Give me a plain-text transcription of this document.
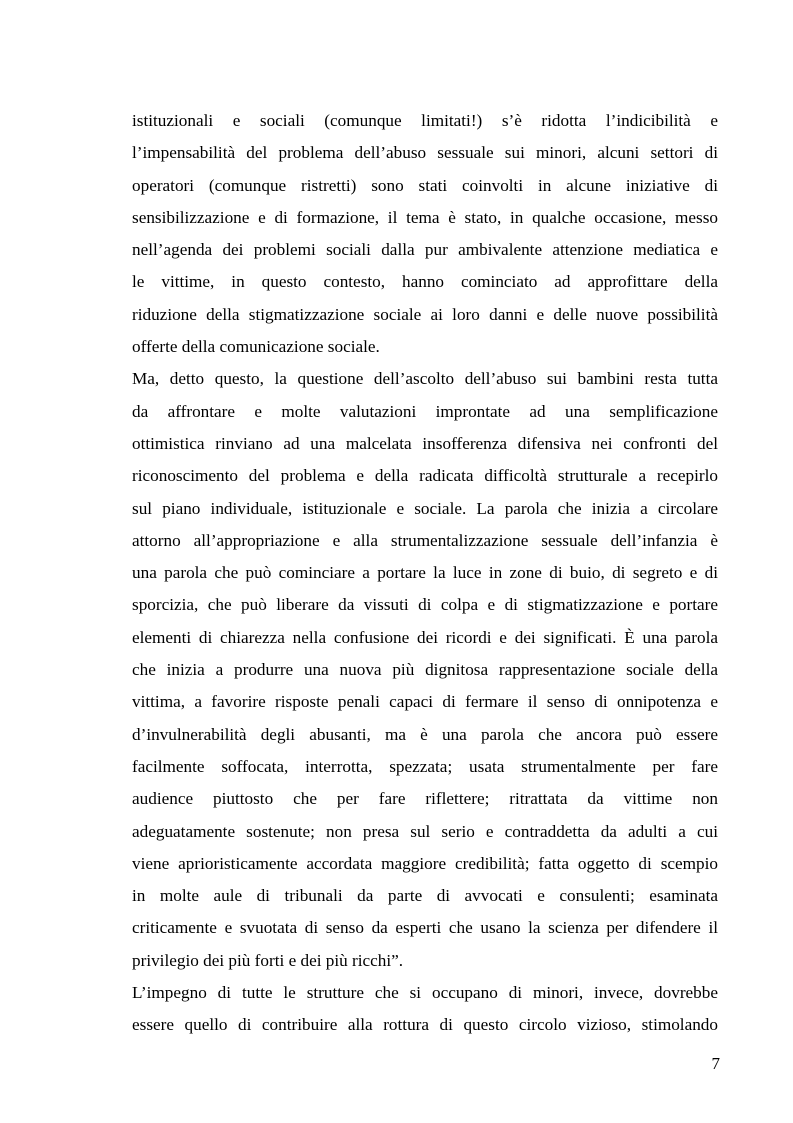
istituzionali e sociali (comunque limitati!) s’è ridotta l’indicibilità e
l’impensabilità del problema dell’abuso sessuale sui minori, alcuni settori di
operatori (comunque ristretti) sono stati coinvolti in alcune iniziative di
sensibilizzazione e di formazione, il tema è stato, in qualche occasione, messo
nell’agenda dei problemi sociali dalla pur ambivalente attenzione mediatica e
le vittime, in questo contesto, hanno cominciato ad approfittare della
riduzione della stigmatizzazione sociale ai loro danni e delle nuove possibilità
offerte della comunicazione sociale.

Ma, detto questo, la questione dell’ascolto dell’abuso sui bambini resta tutta
da affrontare e molte valutazioni improntate ad una semplificazione
ottimistica rinviano ad una malcelata insofferenza difensiva nei confronti del
riconoscimento del problema e della radicata difficoltà strutturale a recepirlo
sul piano individuale, istituzionale e sociale. La parola che inizia a circolare
attorno all’appropriazione e alla strumentalizzazione sessuale dell’infanzia è
una parola che può cominciare a portare la luce in zone di buio, di segreto e di
sporcizia, che può liberare da vissuti di colpa e di stigmatizzazione e portare
elementi di chiarezza nella confusione dei ricordi e dei significati. È una parola
che inizia a produrre una nuova più dignitosa rappresentazione sociale della
vittima, a favorire risposte penali capaci di fermare il senso di onnipotenza e
d’invulnerabilità degli abusanti, ma è una parola che ancora può essere
facilmente soffocata, interrotta, spezzata; usata strumentalmente per fare
audience piuttosto che per fare riflettere; ritrattata da vittime non
adeguatamente sostenute; non presa sul serio e contraddetta da adulti a cui
viene aprioristicamente accordata maggiore credibilità; fatta oggetto di scempio
in molte aule di tribunali da parte di avvocati e consulenti; esaminata
criticamente e svuotata di senso da esperti che usano la scienza per difendere il
privilegio dei più forti e dei più ricchi”.

L’impegno di tutte le strutture che si occupano di minori, invece, dovrebbe
essere quello di contribuire alla rottura di questo circolo vizioso, stimolando

7
